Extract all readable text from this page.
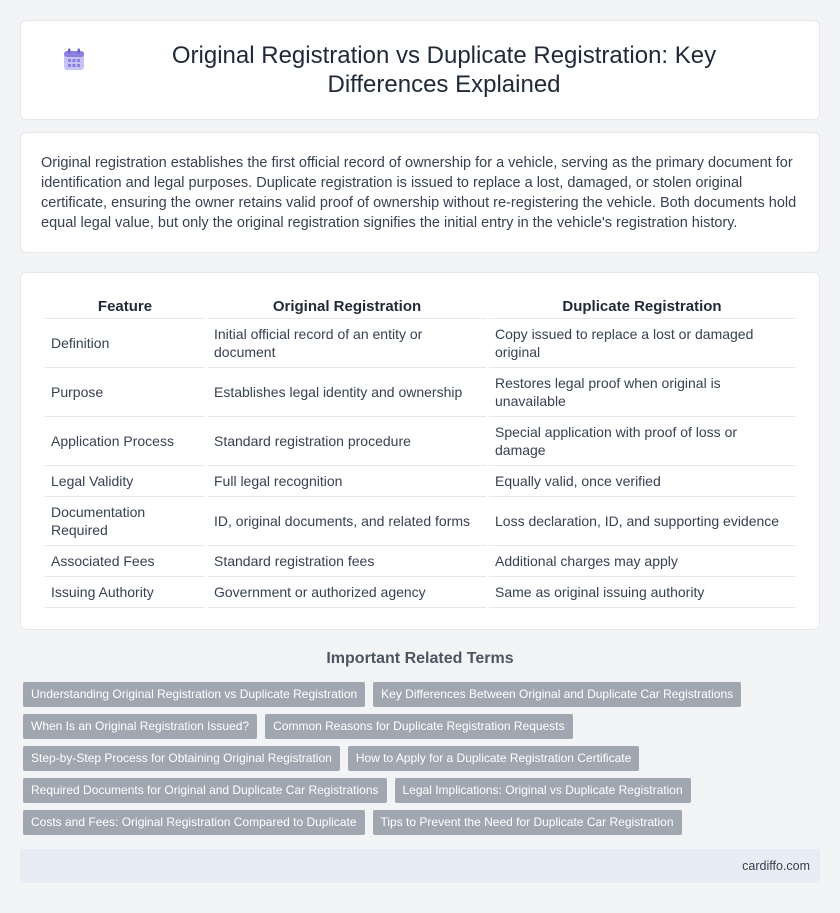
Original Registration vs Duplicate Registration: Key Differences Explained

Original registration establishes the first official record of ownership for a vehicle, serving as the primary document for identification and legal purposes. Duplicate registration is issued to replace a lost, damaged, or stolen original certificate, ensuring the owner retains valid proof of ownership without re-registering the vehicle. Both documents hold equal legal value, but only the original registration signifies the initial entry in the vehicle's registration history.

Feature	Original Registration	Duplicate Registration
Definition	Initial official record of an entity or document	Copy issued to replace a lost or damaged original
Purpose	Establishes legal identity and ownership	Restores legal proof when original is unavailable
Application Process	Standard registration procedure	Special application with proof of loss or damage
Legal Validity	Full legal recognition	Equally valid, once verified
Documentation Required	ID, original documents, and related forms	Loss declaration, ID, and supporting evidence
Associated Fees	Standard registration fees	Additional charges may apply
Issuing Authority	Government or authorized agency	Same as original issuing authority
Important Related Terms
Understanding Original Registration vs Duplicate Registration	Key Differences Between Original and Duplicate Car Registrations
When Is an Original Registration Issued?	Common Reasons for Duplicate Registration Requests
Step-by-Step Process for Obtaining Original Registration	How to Apply for a Duplicate Registration Certificate
Required Documents for Original and Duplicate Car Registrations	Legal Implications: Original vs Duplicate Registration
Costs and Fees: Original Registration Compared to Duplicate	Tips to Prevent the Need for Duplicate Car Registration
cardiffo.com
